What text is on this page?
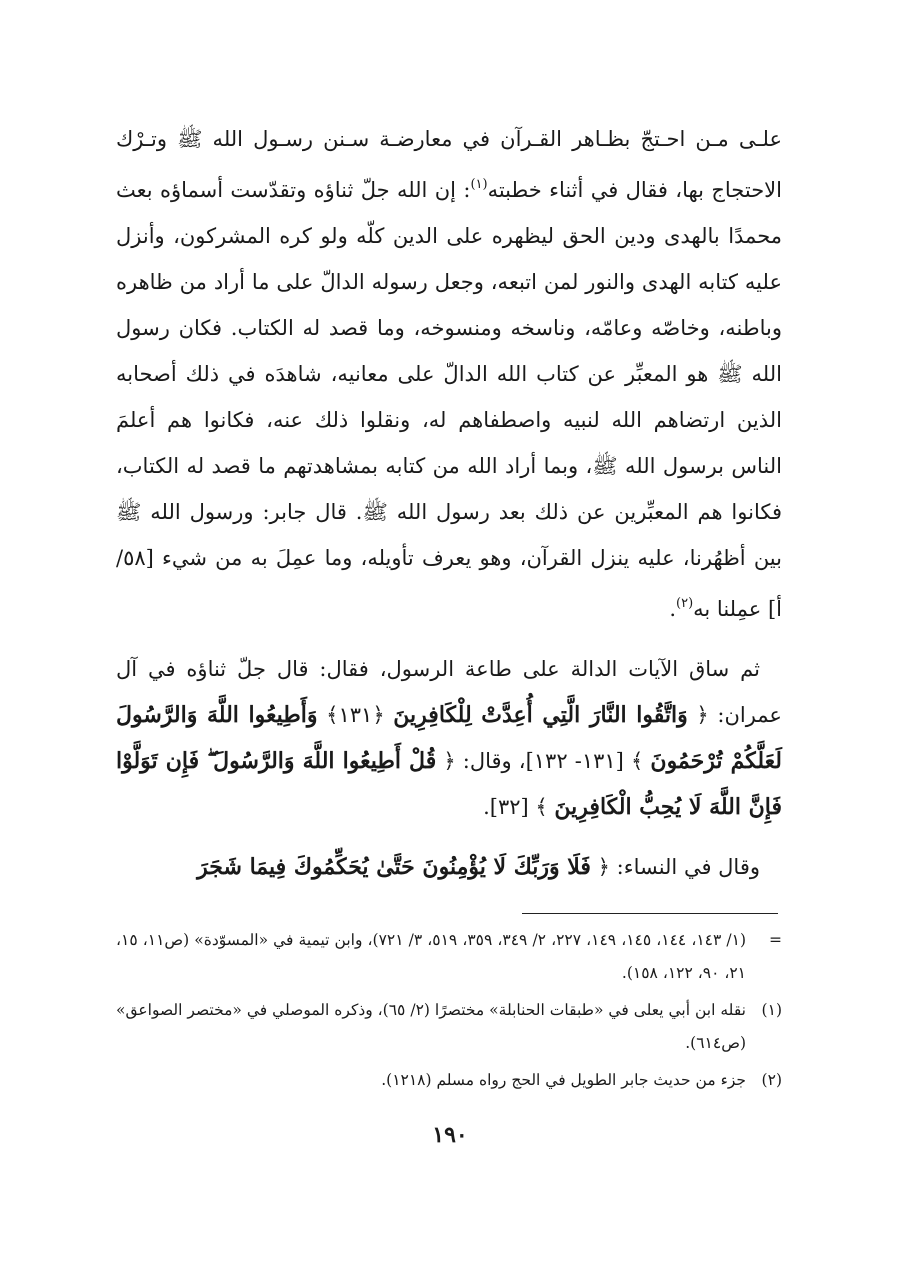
علـى مـن احـتجّ بظـاهر القـرآن في معارضـة سـنن رسـول الله ﷺ وتـرْك الاحتجاج بها، فقال في أثناء خطبته$^{(١)}$: إن الله جلّ ثناؤه وتقدّست أسماؤه بعث محمدًا بالهدى ودين الحق ليظهره على الدين كلّه ولو كره المشركون، وأنزل عليه كتابه الهدى والنور لمن اتبعه، وجعل رسوله الدالّ على ما أراد من ظاهره وباطنه، وخاصّه وعامّه، وناسخه ومنسوخه، وما قصد له الكتاب. فكان رسول الله ﷺ هو المعبِّر عن كتاب الله الدالّ على معانيه، شاهدَه في ذلك أصحابه الذين ارتضاهم الله لنبيه واصطفاهم له، ونقلوا ذلك عنه، فكانوا هم أعلمَ الناس برسول الله ﷺ، وبما أراد الله من كتابه بمشاهدتهم ما قصد له الكتاب، فكانوا هم المعبِّرين عن ذلك بعد رسول الله ﷺ. قال جابر: ورسول الله ﷺ بين أظهُرنا، عليه ينزل القرآن، وهو يعرف تأويله، وما عمِلَ به من شيء [٥٨/ أ] عمِلنا به$^{(٢)}$.

ثم ساق الآيات الدالة على طاعة الرسول، فقال: قال جلّ ثناؤه في آل عمران: ﴿ وَاتَّقُوا النَّارَ الَّتِي أُعِدَّتْ لِلْكَافِرِينَ ﴿١٣١﴾ وَأَطِيعُوا اللَّهَ وَالرَّسُولَ لَعَلَّكُمْ تُرْحَمُونَ ﴾ [١٣١- ١٣٢]، وقال: ﴿ قُلْ أَطِيعُوا اللَّهَ وَالرَّسُولَ ۖ فَإِن تَوَلَّوْا فَإِنَّ اللَّهَ لَا يُحِبُّ الْكَافِرِينَ ﴾ [٣٢].

وقال في النساء: ﴿ فَلَا وَرَبِّكَ لَا يُؤْمِنُونَ حَتَّىٰ يُحَكِّمُوكَ فِيمَا شَجَرَ

=
(١/ ١٤٣، ١٤٤، ١٤٥، ١٤٩، ٢٢٧، ٢/ ٣٤٩، ٣٥٩، ٥١٩، ٣/ ٧٢١)، وابن تيمية في «المسوّدة» (ص١١، ١٥، ٢١، ٩٠، ١٢٢، ١٥٨).

(١)
نقله ابن أبي يعلى في «طبقات الحنابلة» مختصرًا (٢/ ٦٥)، وذكره الموصلي في «مختصر الصواعق» (ص٦١٤).

(٢)
جزء من حديث جابر الطويل في الحج رواه مسلم (١٢١٨).

١٩٠
